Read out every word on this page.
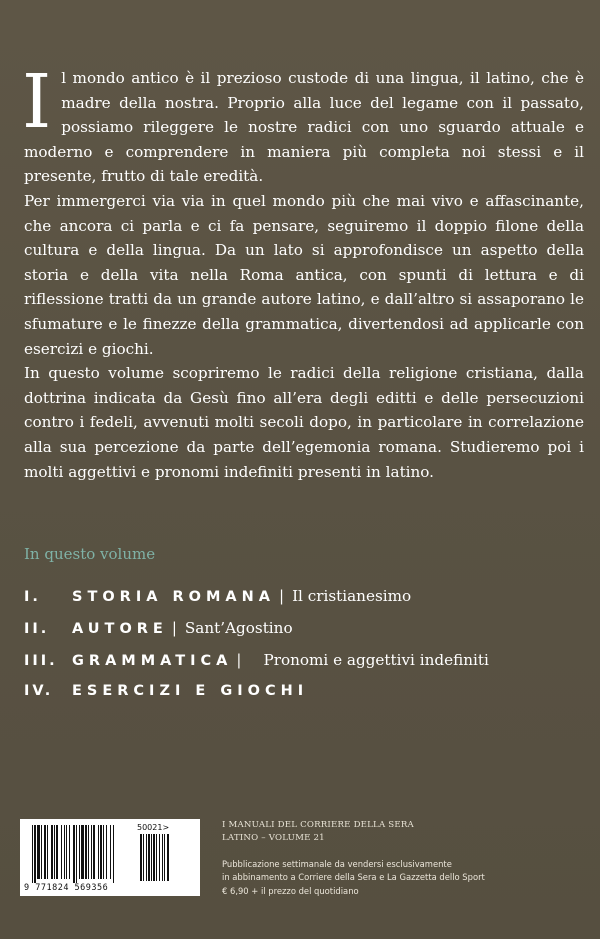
Il mondo antico è il prezioso custode di una lingua, il latino, che è madre della nostra. Proprio alla luce del legame con il passato, possiamo rileggere le nostre radici con uno sguardo attuale e moderno e comprendere in maniera più completa noi stessi e il presente, frutto di tale eredità.

Per immergerci via via in quel mondo più che mai vivo e affascinante, che ancora ci parla e ci fa pensare, seguiremo il doppio filone della cultura e della lingua. Da un lato si approfondisce un aspetto della storia e della vita nella Roma antica, con spunti di lettura e di riflessione tratti da un grande autore latino, e dall’altro si assaporano le sfumature e le finezze della grammatica, divertendosi ad applicarle con esercizi e giochi.

In questo volume scopriremo le radici della religione cristiana, dalla dottrina indicata da Gesù fino all’era degli editti e delle persecuzioni contro i fedeli, avvenuti molti secoli dopo, in particolare in correlazione alla sua percezione da parte dell’egemonia romana. Studieremo poi i molti aggettivi e pronomi indefiniti presenti in latino.

In questo volume
I.	STORIA ROMANA | Il cristianesimo
II.	AUTORE | Sant’Agostino
III. GRAMMATICA | Pronomi e aggettivi indefiniti
IV.	ESERCIZI E GIOCHI
50021>
9 771824 569356
I MANUALI DEL CORRIERE DELLA SERA
LATINO – VOLUME 21
Pubblicazione settimanale da vendersi esclusivamente
in abbinamento a Corriere della Sera e La Gazzetta dello Sport
€ 6,90 + il prezzo del quotidiano
